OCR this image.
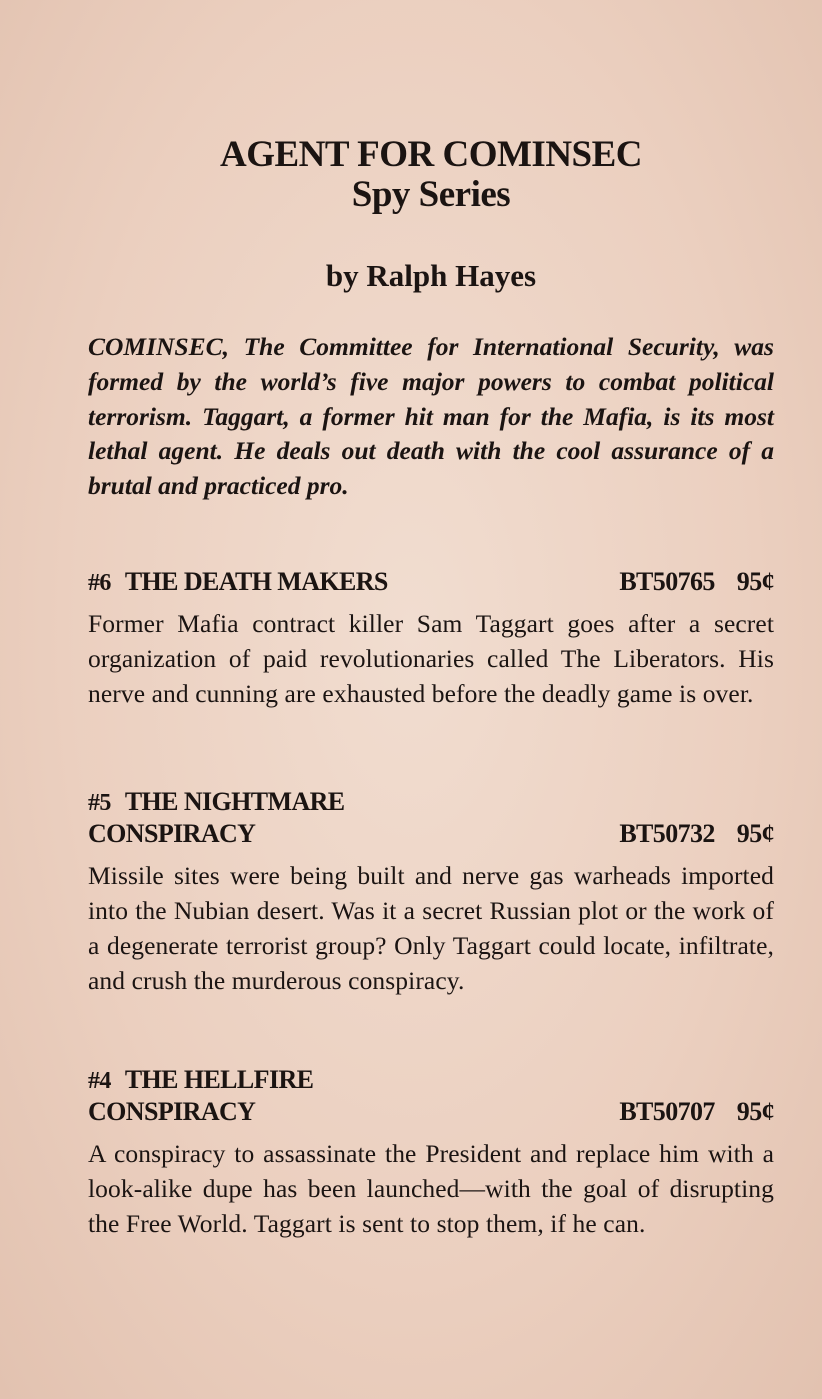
AGENT FOR COMINSEC
Spy Series
by Ralph Hayes

COMINSEC, The Committee for International Security, was formed by the world’s five major powers to combat political terrorism. Taggart, a former hit man for the Mafia, is its most lethal agent. He deals out death with the cool assurance of a brutal and practiced pro.

#6 THE DEATH MAKERS	BT50765 95¢

Former Mafia contract killer Sam Taggart goes after a secret organization of paid revolutionaries called The Liberators. His nerve and cunning are exhausted before the deadly game is over.

#5 THE NIGHTMARE
CONSPIRACY	BT50732 95¢

Missile sites were being built and nerve gas warheads imported into the Nubian desert. Was it a secret Russian plot or the work of a degenerate terrorist group? Only Taggart could locate, infiltrate, and crush the murderous conspiracy.

#4 THE HELLFIRE
CONSPIRACY	BT50707 95¢

A conspiracy to assassinate the President and replace him with a look-alike dupe has been launched—with the goal of disrupting the Free World. Taggart is sent to stop them, if he can.
